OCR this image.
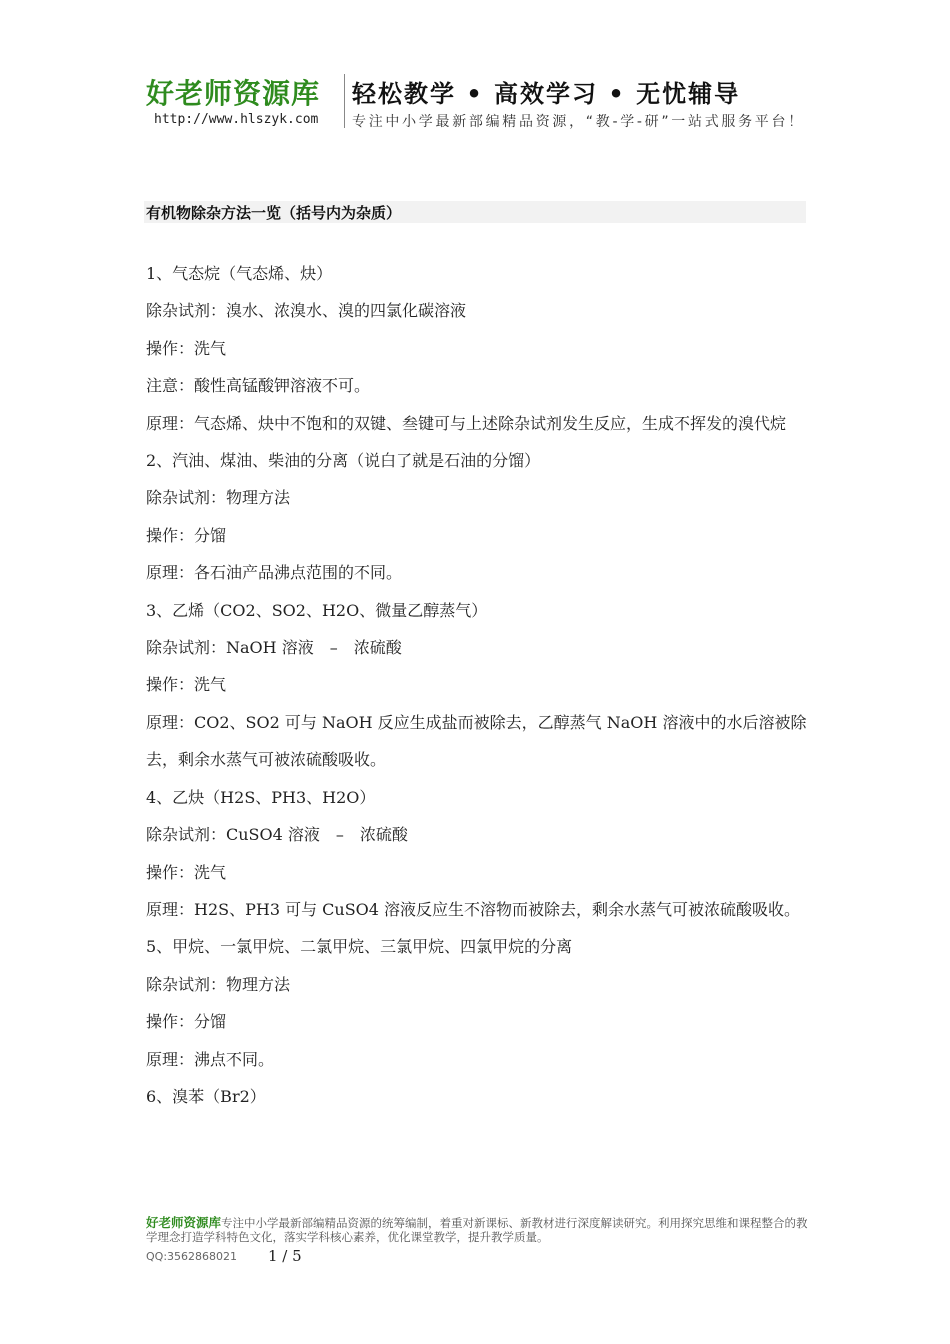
好老师资源库 轻松教学 • 高效学习 • 无忧辅导
http://www.hlszyk.com 专注中小学最新部编精品资源，“教-学-研”一站式服务平台！
有机物除杂方法一览（括号内为杂质）
1、气态烷（气态烯、炔）
除杂试剂：溴水、浓溴水、溴的四氯化碳溶液
操作：洗气
注意：酸性高锰酸钾溶液不可。
原理：气态烯、炔中不饱和的双键、叁键可与上述除杂试剂发生反应，生成不挥发的溴代烷
2、汽油、煤油、柴油的分离（说白了就是石油的分馏）
除杂试剂：物理方法
操作：分馏
原理：各石油产品沸点范围的不同。
3、乙烯（CO2、SO2、H2O、微量乙醇蒸气）
除杂试剂：NaOH 溶液　–　浓硫酸
操作：洗气
原理：CO2、SO2 可与 NaOH 反应生成盐而被除去，乙醇蒸气 NaOH 溶液中的水后溶被除去，剩余水蒸气可被浓硫酸吸收。
4、乙炔（H2S、PH3、H2O）
除杂试剂：CuSO4 溶液　–　浓硫酸
操作：洗气
原理：H2S、PH3 可与 CuSO4 溶液反应生不溶物而被除去，剩余水蒸气可被浓硫酸吸收。
5、甲烷、一氯甲烷、二氯甲烷、三氯甲烷、四氯甲烷的分离
除杂试剂：物理方法
操作：分馏
原理：沸点不同。
6、溴苯（Br2）
好老师资源库专注中小学最新部编精品资源的统筹编制，着重对新课标、新教材进行深度解读研究。利用探究思维和课程整合的教学理念打造学科特色文化，落实学科核心素养，优化课堂教学，提升教学质量。
QQ:3562868021 1 / 5
